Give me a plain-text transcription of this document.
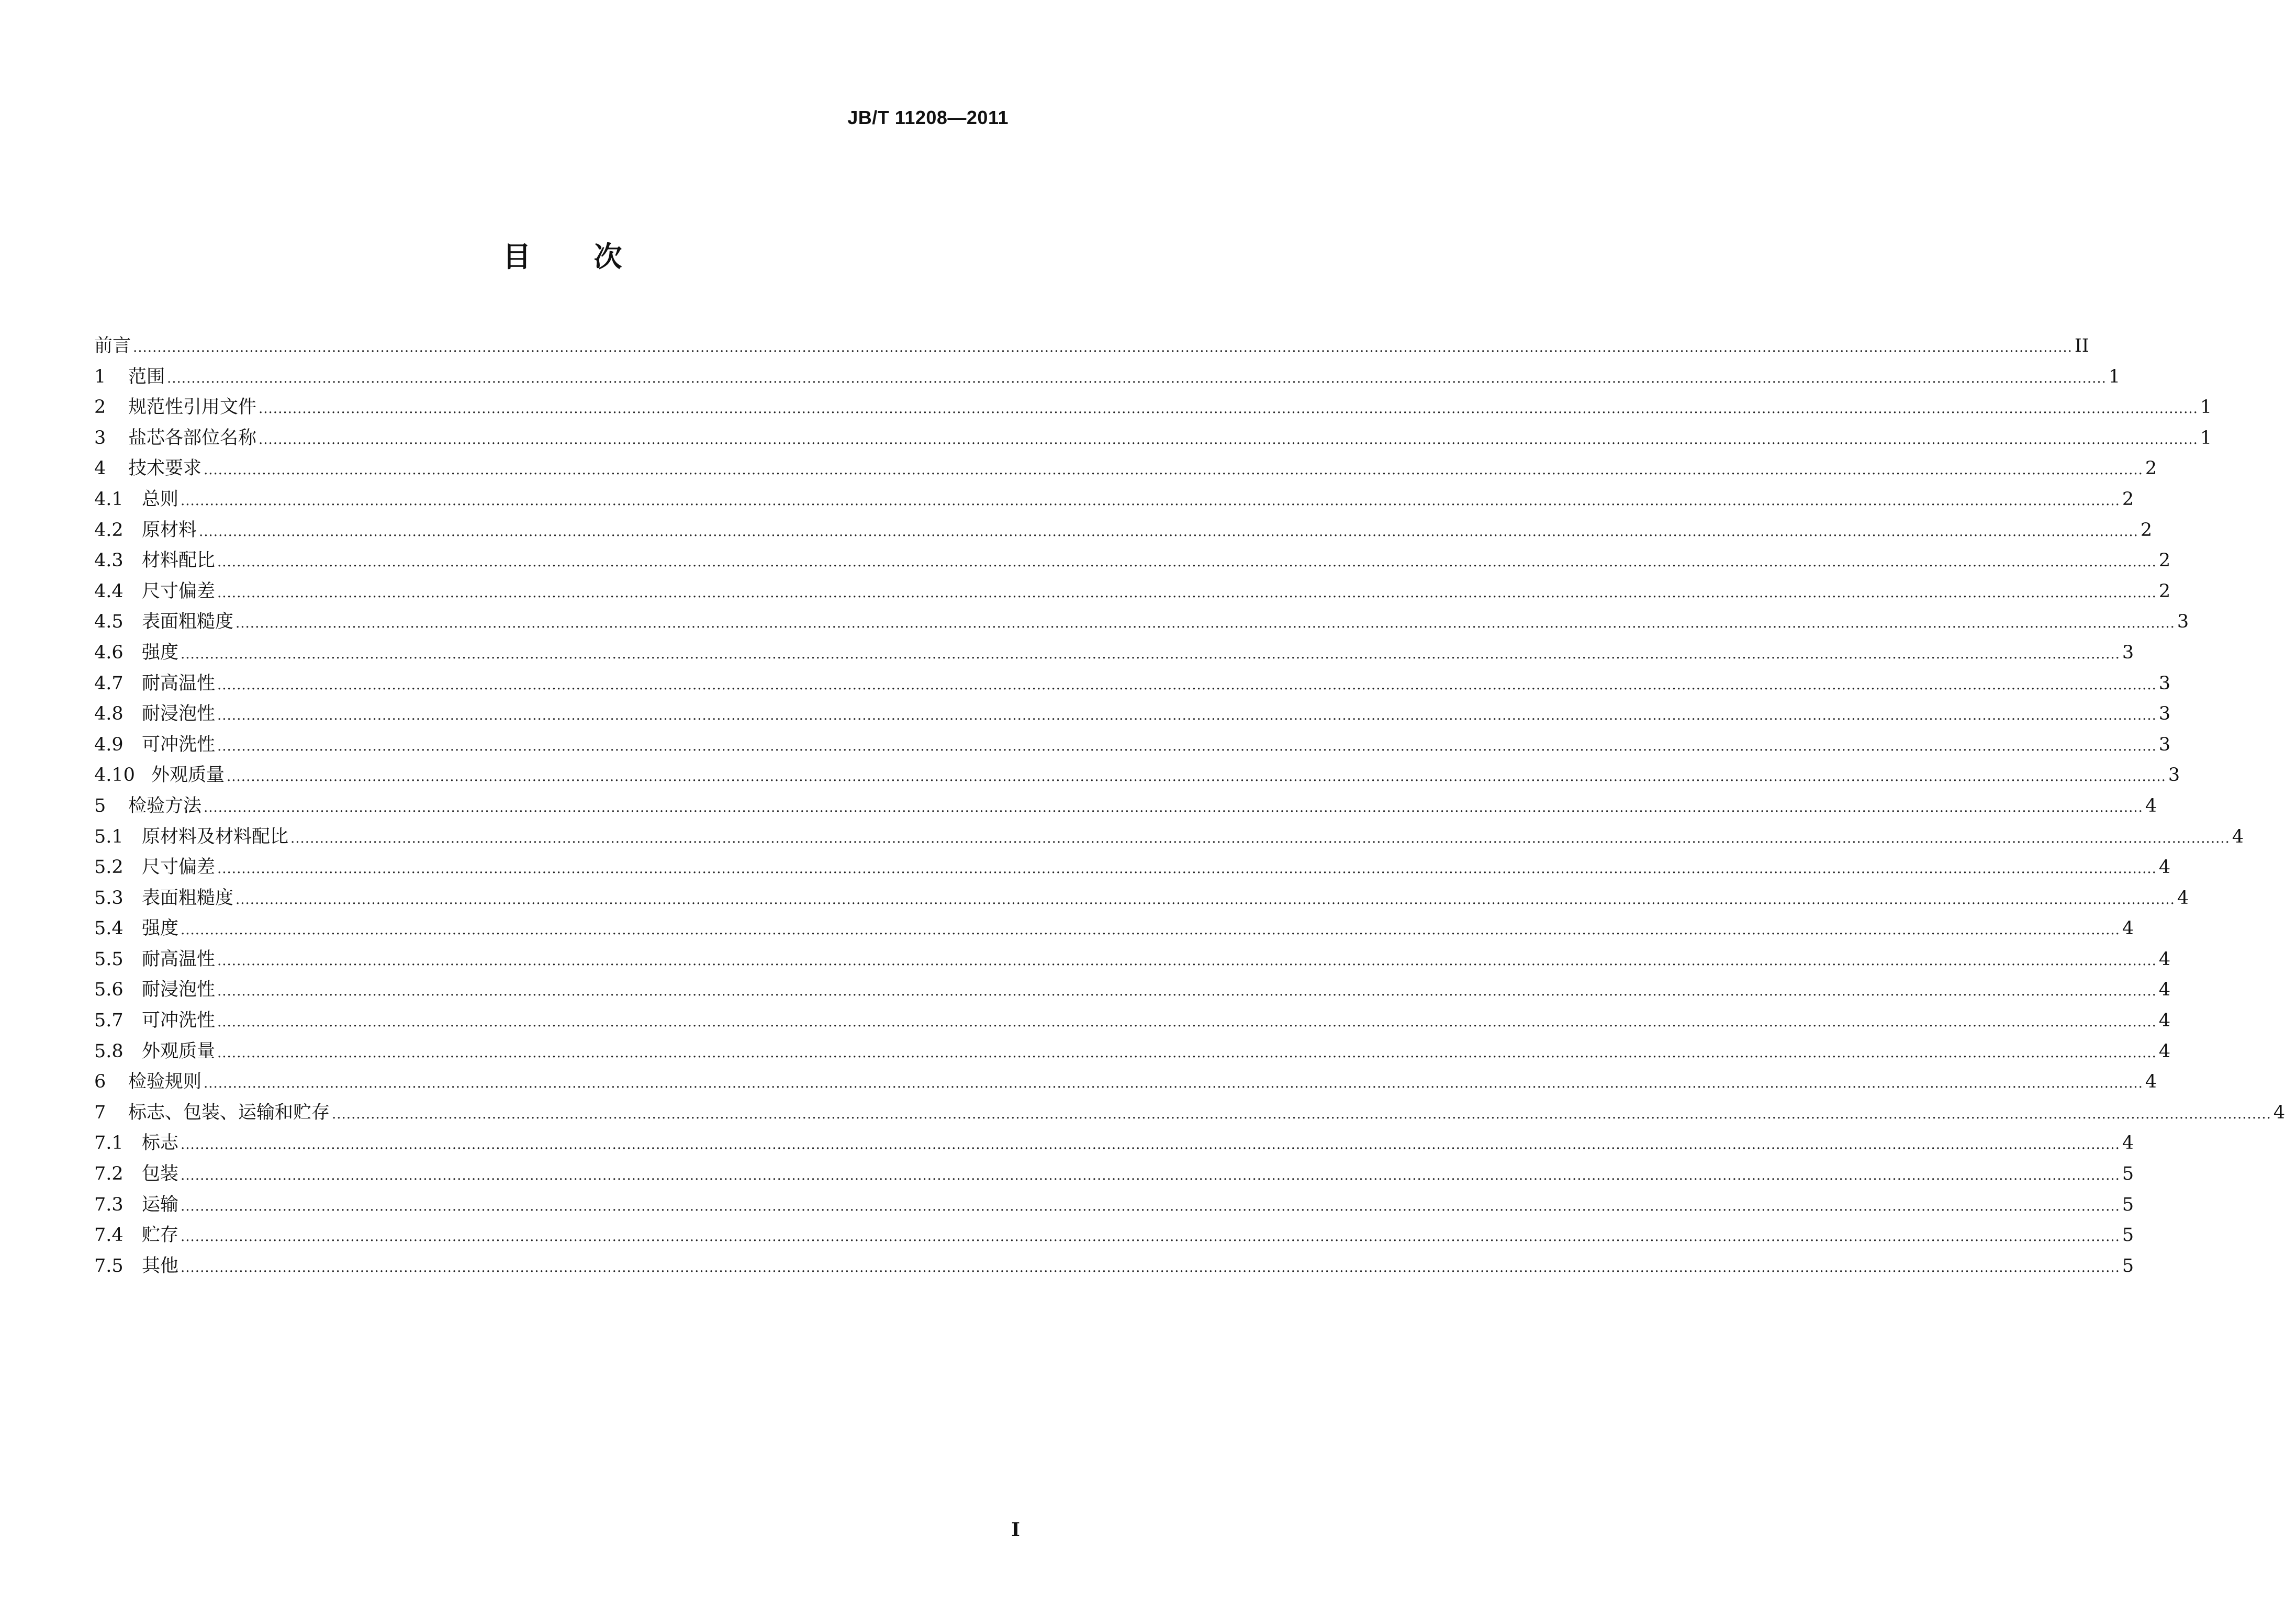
JB/T 11208—2011
目 次
前言 ................................................................................................................................................................................................................................................................................................................................................................................................................ II
1	范围 ................................................................................................................................................................................................................................................................................................................................................................................................................ 1
2	规范性引用文件 ................................................................................................................................................................................................................................................................................................................................................................................................................ 1
3	盐芯各部位名称 ................................................................................................................................................................................................................................................................................................................................................................................................................ 1
4	技术要求 ................................................................................................................................................................................................................................................................................................................................................................................................................ 2
4.1	总则 ................................................................................................................................................................................................................................................................................................................................................................................................................ 2
4.2	原材料 ................................................................................................................................................................................................................................................................................................................................................................................................................ 2
4.3	材料配比 ................................................................................................................................................................................................................................................................................................................................................................................................................ 2
4.4	尺寸偏差 ................................................................................................................................................................................................................................................................................................................................................................................................................ 2
4.5	表面粗糙度 ................................................................................................................................................................................................................................................................................................................................................................................................................ 3
4.6	强度 ................................................................................................................................................................................................................................................................................................................................................................................................................ 3
4.7	耐高温性 ................................................................................................................................................................................................................................................................................................................................................................................................................ 3
4.8	耐浸泡性 ................................................................................................................................................................................................................................................................................................................................................................................................................ 3
4.9	可冲洗性 ................................................................................................................................................................................................................................................................................................................................................................................................................ 3
4.10 外观质量 ................................................................................................................................................................................................................................................................................................................................................................................................................ 3
5	检验方法 ................................................................................................................................................................................................................................................................................................................................................................................................................ 4
5.1	原材料及材料配比 ................................................................................................................................................................................................................................................................................................................................................................................................................ 4
5.2	尺寸偏差 ................................................................................................................................................................................................................................................................................................................................................................................................................ 4
5.3	表面粗糙度 ................................................................................................................................................................................................................................................................................................................................................................................................................ 4
5.4	强度 ................................................................................................................................................................................................................................................................................................................................................................................................................ 4
5.5	耐高温性 ................................................................................................................................................................................................................................................................................................................................................................................................................ 4
5.6	耐浸泡性 ................................................................................................................................................................................................................................................................................................................................................................................................................ 4
5.7	可冲洗性 ................................................................................................................................................................................................................................................................................................................................................................................................................ 4
5.8	外观质量 ................................................................................................................................................................................................................................................................................................................................................................................................................ 4
6	检验规则 ................................................................................................................................................................................................................................................................................................................................................................................................................ 4
7	标志、包装、运输和贮存 ................................................................................................................................................................................................................................................................................................................................................................................................................ 4
7.1	标志 ................................................................................................................................................................................................................................................................................................................................................................................................................ 4
7.2	包装 ................................................................................................................................................................................................................................................................................................................................................................................................................ 5
7.3	运输 ................................................................................................................................................................................................................................................................................................................................................................................................................ 5
7.4	贮存 ................................................................................................................................................................................................................................................................................................................................................................................................................ 5
7.5	其他 ................................................................................................................................................................................................................................................................................................................................................................................................................ 5
I
